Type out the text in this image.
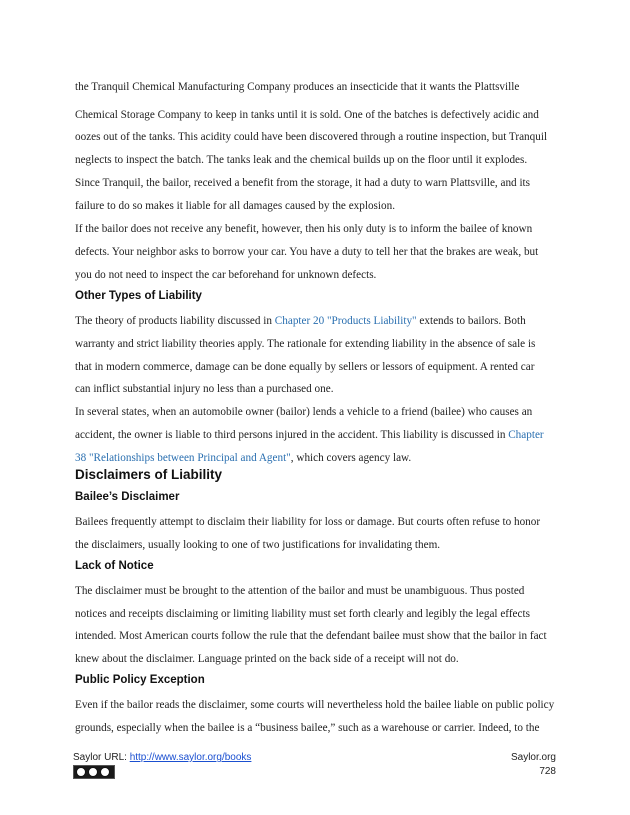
the Tranquil Chemical Manufacturing Company produces an insecticide that it wants the Plattsville
Chemical Storage Company to keep in tanks until it is sold. One of the batches is defectively acidic and
oozes out of the tanks. This acidity could have been discovered through a routine inspection, but Tranquil
neglects to inspect the batch. The tanks leak and the chemical builds up on the floor until it explodes.
Since Tranquil, the bailor, received a benefit from the storage, it had a duty to warn Plattsville, and its
failure to do so makes it liable for all damages caused by the explosion.
If the bailor does not receive any benefit, however, then his only duty is to inform the bailee of known
defects. Your neighbor asks to borrow your car. You have a duty to tell her that the brakes are weak, but
you do not need to inspect the car beforehand for unknown defects.
Other Types of Liability
The theory of products liability discussed in Chapter 20 "Products Liability" extends to bailors. Both
warranty and strict liability theories apply. The rationale for extending liability in the absence of sale is
that in modern commerce, damage can be done equally by sellers or lessors of equipment. A rented car
can inflict substantial injury no less than a purchased one.
In several states, when an automobile owner (bailor) lends a vehicle to a friend (bailee) who causes an
accident, the owner is liable to third persons injured in the accident. This liability is discussed in Chapter
38 "Relationships between Principal and Agent", which covers agency law.
Disclaimers of Liability
Bailee’s Disclaimer
Bailees frequently attempt to disclaim their liability for loss or damage. But courts often refuse to honor
the disclaimers, usually looking to one of two justifications for invalidating them.
Lack of Notice
The disclaimer must be brought to the attention of the bailor and must be unambiguous. Thus posted
notices and receipts disclaiming or limiting liability must set forth clearly and legibly the legal effects
intended. Most American courts follow the rule that the defendant bailee must show that the bailor in fact
knew about the disclaimer. Language printed on the back side of a receipt will not do.
Public Policy Exception
Even if the bailor reads the disclaimer, some courts will nevertheless hold the bailee liable on public policy
grounds, especially when the bailee is a “business bailee,” such as a warehouse or carrier. Indeed, to the
Saylor URL: http://www.saylor.org/books	Saylor.org
728
